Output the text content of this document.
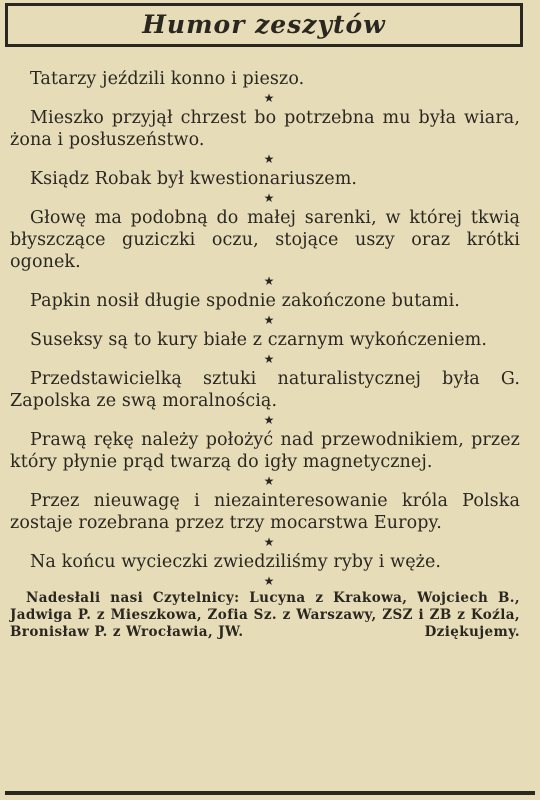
Humor zeszytów

Tatarzy jeździli konno i pieszo.

★

Mieszko przyjął chrzest bo potrzebna mu była wiara, żona i posłuszeństwo.

★

Ksiądz Robak był kwestionariuszem.

★

Głowę ma podobną do małej sarenki, w której tkwią błyszczące guziczki oczu, stojące uszy oraz krótki ogonek.

★

Papkin nosił długie spodnie zakończone butami.

★

Suseksy są to kury białe z czarnym wykończeniem.

★

Przedstawicielką sztuki naturalistycznej była G. Zapolska ze swą moralnością.

★

Prawą rękę należy położyć nad przewodnikiem, przez który płynie prąd twarzą do igły magnetycznej.

★

Przez nieuwagę i niezainteresowanie króla Polska zostaje rozebrana przez trzy mocarstwa Europy.

★

Na końcu wycieczki zwiedziliśmy ryby i węże.

★

Nadesłali nasi Czytelnicy: Lucyna z Krakowa, Wojciech B., Jadwiga P. z Mieszkowa, Zofia Sz. z Warszawy, ZSZ i ZB z Koźla, Bronisław P. z Wrocławia, JW.	Dziękujemy.
